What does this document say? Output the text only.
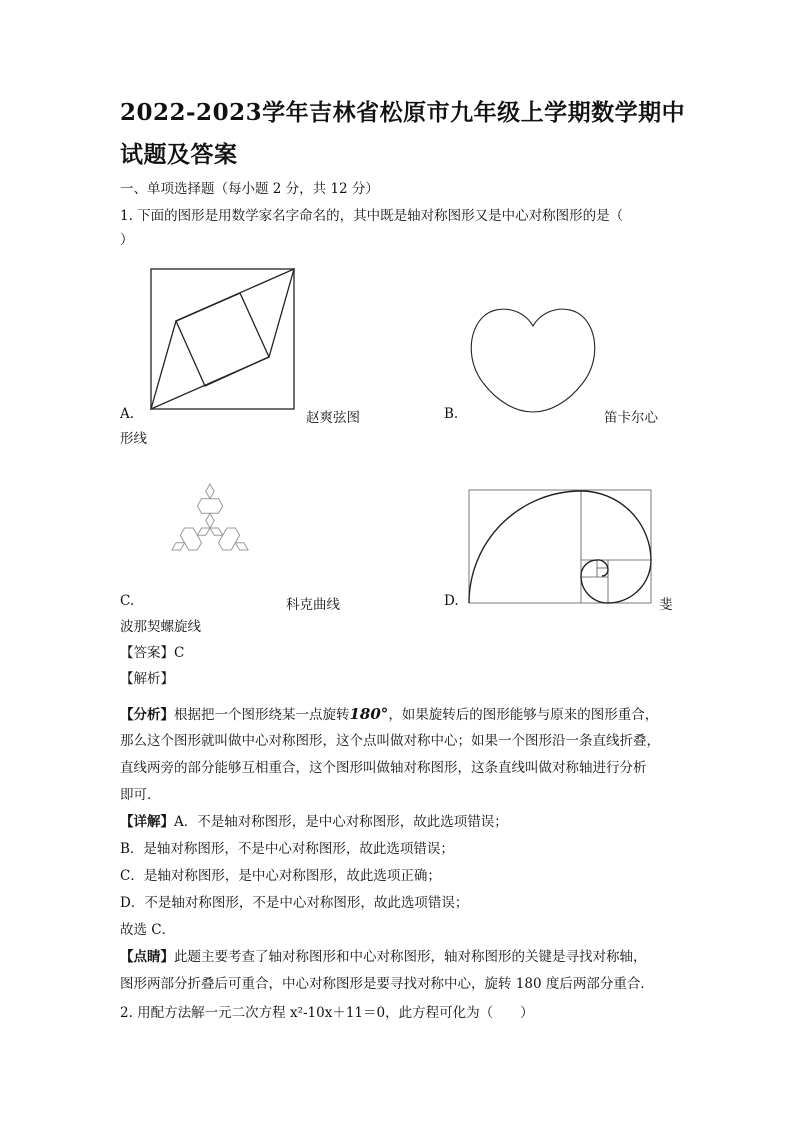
2022-2023学年吉林省松原市九年级上学期数学期中试题及答案
一、单项选择题（每小题 2 分，共 12 分）
1. 下面的图形是用数学家名字命名的，其中既是轴对称图形又是中心对称图形的是（
）
A.	赵爽弦图	B.	笛卡尔心
形线
C.	科克曲线	D.	斐
波那契螺旋线
【答案】C
【解析】
【分析】根据把一个图形绕某一点旋转180°，如果旋转后的图形能够与原来的图形重合，
那么这个图形就叫做中心对称图形，这个点叫做对称中心；如果一个图形沿一条直线折叠，
直线两旁的部分能够互相重合，这个图形叫做轴对称图形，这条直线叫做对称轴进行分析
即可．
【详解】A．不是轴对称图形，是中心对称图形，故此选项错误；
B．是轴对称图形，不是中心对称图形，故此选项错误；
C．是轴对称图形，是中心对称图形，故此选项正确；
D．不是轴对称图形，不是中心对称图形，故此选项错误；
故选 C．
【点睛】此题主要考查了轴对称图形和中心对称图形，轴对称图形的关键是寻找对称轴，
图形两部分折叠后可重合，中心对称图形是要寻找对称中心，旋转 180 度后两部分重合．
2. 用配方法解一元二次方程 x²-10x＋11＝0，此方程可化为（　　）
